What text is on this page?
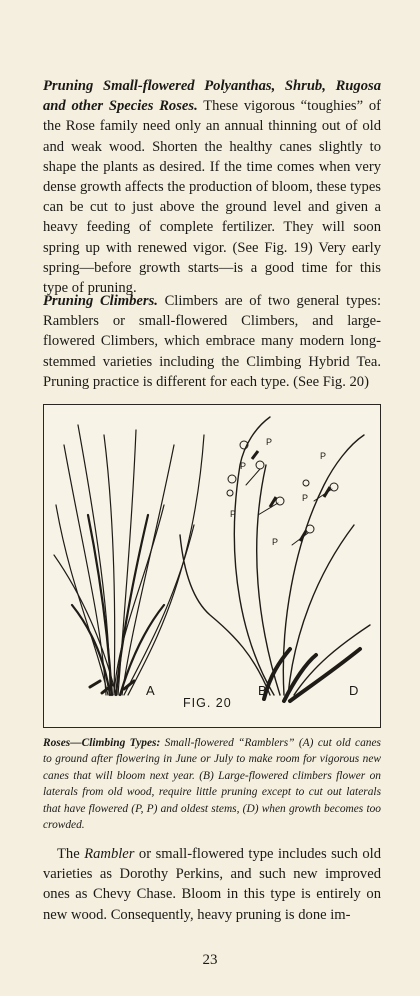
Pruning Small-flowered Polyanthas, Shrub, Rugosa and other Species Roses. These vigorous “toughies” of the Rose family need only an annual thinning out of old and weak wood. Shorten the healthy canes slightly to shape the plants as desired. If the time comes when very dense growth affects the production of bloom, these types can be cut to just above the ground level and given a heavy feeding of complete fertilizer. They will soon spring up with renewed vigor. (See Fig. 19) Very early spring—before growth starts—is a good time for this type of pruning.

Pruning Climbers. Climbers are of two general types: Ramblers or small-flowered Climbers, and large-flowered Climbers, which embrace many modern long-stemmed varieties including the Climbing Hybrid Tea. Pruning practice is different for each type. (See Fig. 20)

P
P
P
P
P
P
A	B	D
FIG. 20

Roses—Climbing Types: Small-flowered “Ramblers” (A) cut old canes to ground after flowering in June or July to make room for vigorous new canes that will bloom next year. (B) Large-flowered climbers flower on laterals from old wood, require little pruning except to cut out laterals that have flowered (P, P) and oldest stems, (D) when growth becomes too crowded.

The Rambler or small-flowered type includes such old varieties as Dorothy Perkins, and such new improved ones as Chevy Chase. Bloom in this type is entirely on new wood. Consequently, heavy pruning is done im-

23
